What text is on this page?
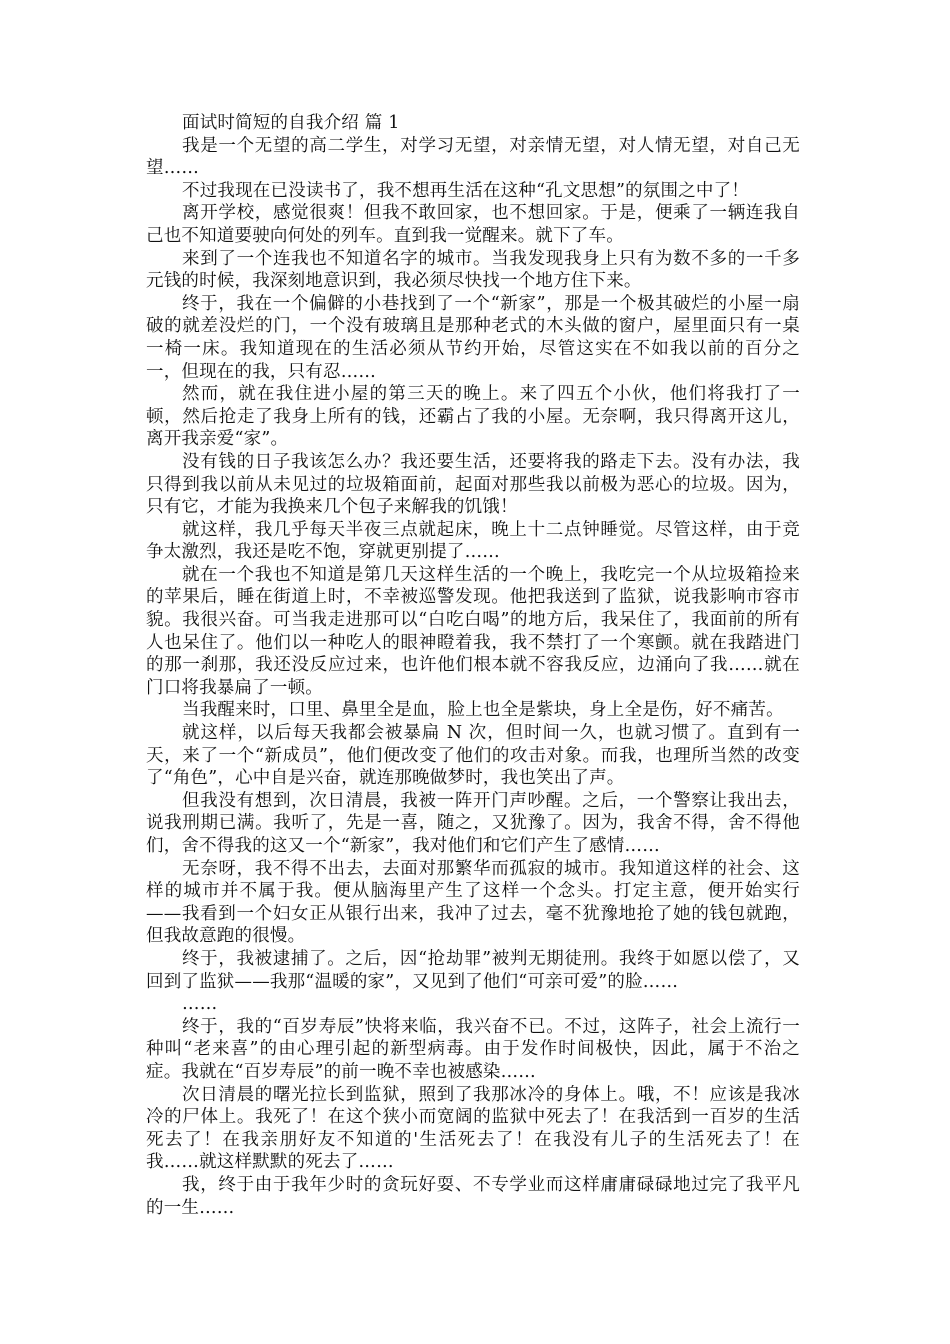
面试时简短的自我介绍 篇 1

我是一个无望的高二学生，对学习无望，对亲情无望，对人情无望，对自己无望……

不过我现在已没读书了，我不想再生活在这种“孔文思想”的氛围之中了！

离开学校，感觉很爽！但我不敢回家，也不想回家。于是，便乘了一辆连我自己也不知道要驶向何处的列车。直到我一觉醒来。就下了车。

来到了一个连我也不知道名字的城市。当我发现我身上只有为数不多的一千多元钱的时候，我深刻地意识到，我必须尽快找一个地方住下来。

终于，我在一个偏僻的小巷找到了一个“新家”，那是一个极其破烂的小屋一扇破的就差没烂的门，一个没有玻璃且是那种老式的木头做的窗户，屋里面只有一桌一椅一床。我知道现在的生活必须从节约开始，尽管这实在不如我以前的百分之一，但现在的我，只有忍……

然而，就在我住进小屋的第三天的晚上。来了四五个小伙，他们将我打了一顿，然后抢走了我身上所有的钱，还霸占了我的小屋。无奈啊，我只得离开这儿，离开我亲爱“家”。

没有钱的日子我该怎么办？我还要生活，还要将我的路走下去。没有办法，我只得到我以前从未见过的垃圾箱面前，起面对那些我以前极为恶心的垃圾。因为，只有它，才能为我换来几个包子来解我的饥饿！

就这样，我几乎每天半夜三点就起床，晚上十二点钟睡觉。尽管这样，由于竞争太激烈，我还是吃不饱，穿就更别提了……

就在一个我也不知道是第几天这样生活的一个晚上，我吃完一个从垃圾箱捡来的苹果后，睡在街道上时，不幸被巡警发现。他把我送到了监狱，说我影响市容市貌。我很兴奋。可当我走进那可以“白吃白喝”的地方后，我呆住了，我面前的所有人也呆住了。他们以一种吃人的眼神瞪着我，我不禁打了一个寒颤。就在我踏进门的那一刹那，我还没反应过来，也许他们根本就不容我反应，边涌向了我……就在门口将我暴扁了一顿。

当我醒来时，口里、鼻里全是血，脸上也全是紫块，身上全是伤，好不痛苦。

就这样，以后每天我都会被暴扁 N 次，但时间一久，也就习惯了。直到有一天，来了一个“新成员”，他们便改变了他们的攻击对象。而我，也理所当然的改变了“角色”，心中自是兴奋，就连那晚做梦时，我也笑出了声。

但我没有想到，次日清晨，我被一阵开门声吵醒。之后，一个警察让我出去，说我刑期已满。我听了，先是一喜，随之，又犹豫了。因为，我舍不得，舍不得他们，舍不得我的这又一个“新家”，我对他们和它们产生了感情……

无奈呀，我不得不出去，去面对那繁华而孤寂的城市。我知道这样的社会、这样的城市并不属于我。便从脑海里产生了这样一个念头。打定主意，便开始实行——我看到一个妇女正从银行出来，我冲了过去，毫不犹豫地抢了她的钱包就跑，但我故意跑的很慢。

终于，我被逮捕了。之后，因“抢劫罪”被判无期徒刑。我终于如愿以偿了，又回到了监狱——我那“温暖的家”，又见到了他们“可亲可爱”的脸……

……

终于，我的“百岁寿辰”快将来临，我兴奋不已。不过，这阵子，社会上流行一种叫“老来喜”的由心理引起的新型病毒。由于发作时间极快，因此，属于不治之症。我就在“百岁寿辰”的前一晚不幸也被感染……

次日清晨的曙光拉长到监狱，照到了我那冰冷的身体上。哦，不！应该是我冰冷的尸体上。我死了！在这个狭小而宽阔的监狱中死去了！在我活到一百岁的生活死去了！在我亲朋好友不知道的'生活死去了！在我没有儿子的生活死去了！在我……就这样默默的死去了……

我，终于由于我年少时的贪玩好耍、不专学业而这样庸庸碌碌地过完了我平凡的一生……
